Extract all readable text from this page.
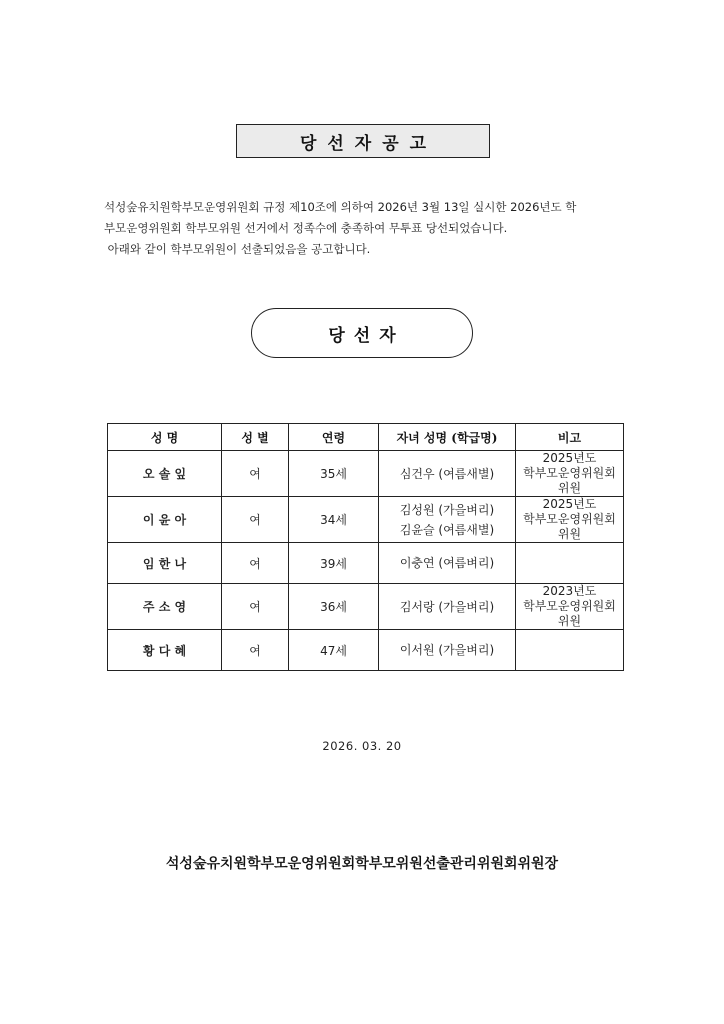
당선자공고

석성숲유치원학부모운영위원회 규정 제10조에 의하여 2026년 3월 13일 실시한 2026년도 학

부모운영위원회 학부모위원 선거에서 정족수에 충족하여 무투표 당선되었습니다.

아래와 같이 학부모위원이 선출되었음을 공고합니다.

당선자
성 명	성 별	연령	자녀 성명 (학급명)	비고
오 솔 잎	여	35세	심건우 (여름새별)	2025년도
학부모운영위원회 위원

이 윤 아	여	34세	김성원 (가을벼리)
김윤슬 (여름새별)	2025년도
학부모운영위원회 위원

임 한 나	여	39세	이충연 (여름벼리)	

주 소 영	여	36세	김서랑 (가을벼리)	2023년도
학부모운영위원회 위원

황 다 혜	여	47세	이서원 (가을벼리)	

2026. 03. 20
석성숲유치원학부모운영위원회학부모위원선출관리위원회위원장
